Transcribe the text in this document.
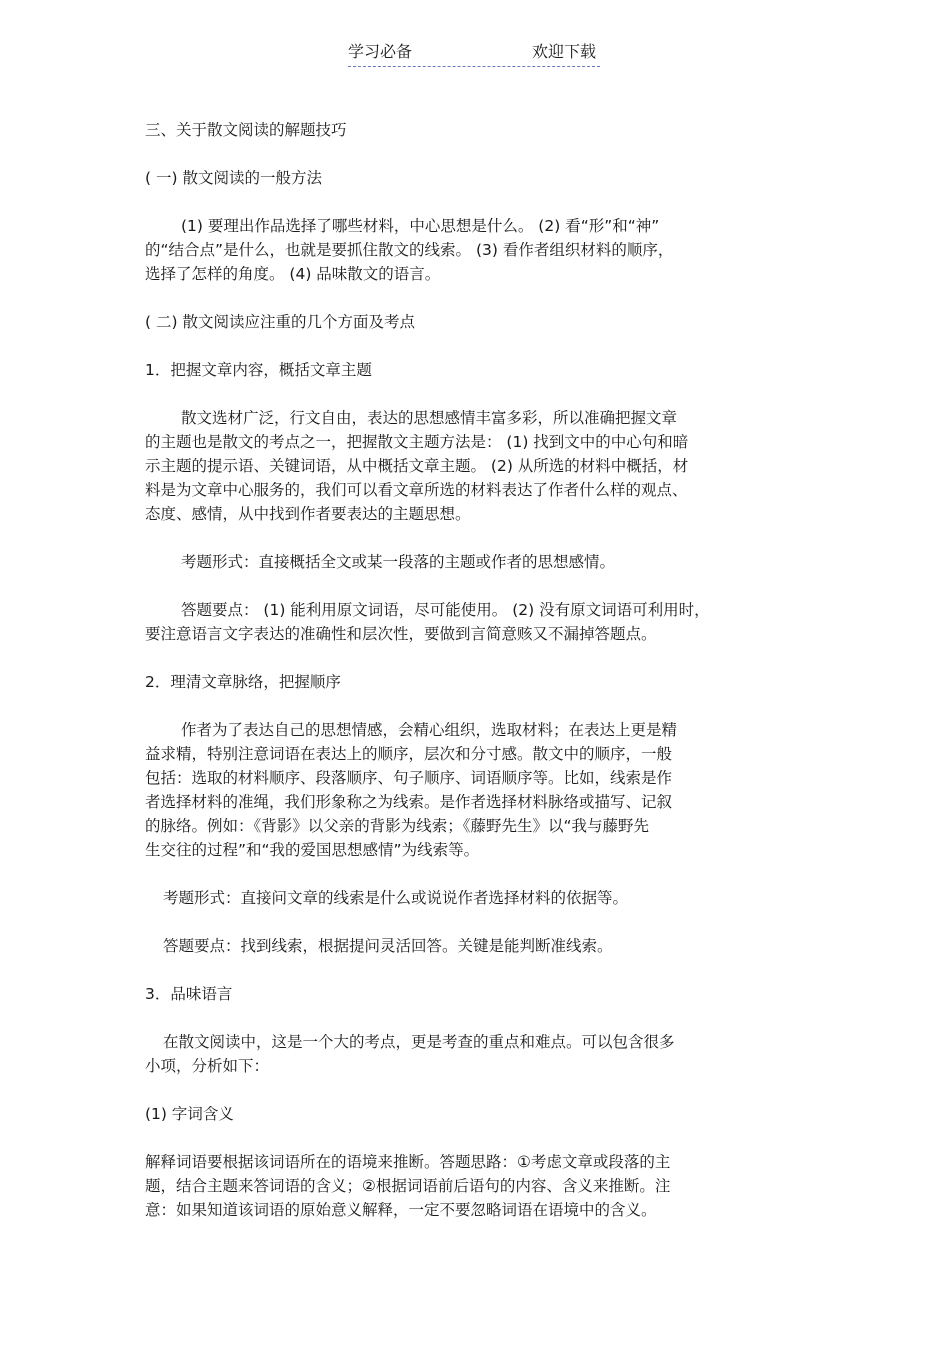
学习必备	欢迎下载

三、关于散文阅读的解题技巧

( 一) 散文阅读的一般方法

(1) 要理出作品选择了哪些材料，中心思想是什么。 (2) 看“形”和“神”

的“结合点”是什么，也就是要抓住散文的线索。 (3) 看作者组织材料的顺序，

选择了怎样的角度。 (4) 品味散文的语言。

( 二) 散文阅读应注重的几个方面及考点

1．把握文章内容，概括文章主题

散文选材广泛，行文自由，表达的思想感情丰富多彩，所以准确把握文章

的主题也是散文的考点之一，把握散文主题方法是： (1) 找到文中的中心句和暗

示主题的提示语、关键词语，从中概括文章主题。 (2) 从所选的材料中概括，材

料是为文章中心服务的，我们可以看文章所选的材料表达了作者什么样的观点、

态度、感情，从中找到作者要表达的主题思想。

考题形式：直接概括全文或某一段落的主题或作者的思想感情。

答题要点： (1) 能利用原文词语，尽可能使用。 (2) 没有原文词语可利用时，

要注意语言文字表达的准确性和层次性，要做到言简意赅又不漏掉答题点。

2．理清文章脉络，把握顺序

作者为了表达自己的思想情感，会精心组织，选取材料；在表达上更是精

益求精，特别注意词语在表达上的顺序，层次和分寸感。散文中的顺序，一般

包括：选取的材料顺序、段落顺序、句子顺序、词语顺序等。比如，线索是作

者选择材料的准绳，我们形象称之为线索。是作者选择材料脉络或描写、记叙

的脉络。例如：《背影》以父亲的背影为线索；《藤野先生》以“我与藤野先

生交往的过程”和“我的爱国思想感情”为线索等。

考题形式：直接问文章的线索是什么或说说作者选择材料的依据等。

答题要点：找到线索，根据提问灵活回答。关键是能判断准线索。

3．品味语言

在散文阅读中，这是一个大的考点，更是考查的重点和难点。可以包含很多

小项，分析如下：

(1) 字词含义

解释词语要根据该词语所在的语境来推断。答题思路：①考虑文章或段落的主

题，结合主题来答词语的含义；②根据词语前后语句的内容、含义来推断。注

意：如果知道该词语的原始意义解释，一定不要忽略词语在语境中的含义。
